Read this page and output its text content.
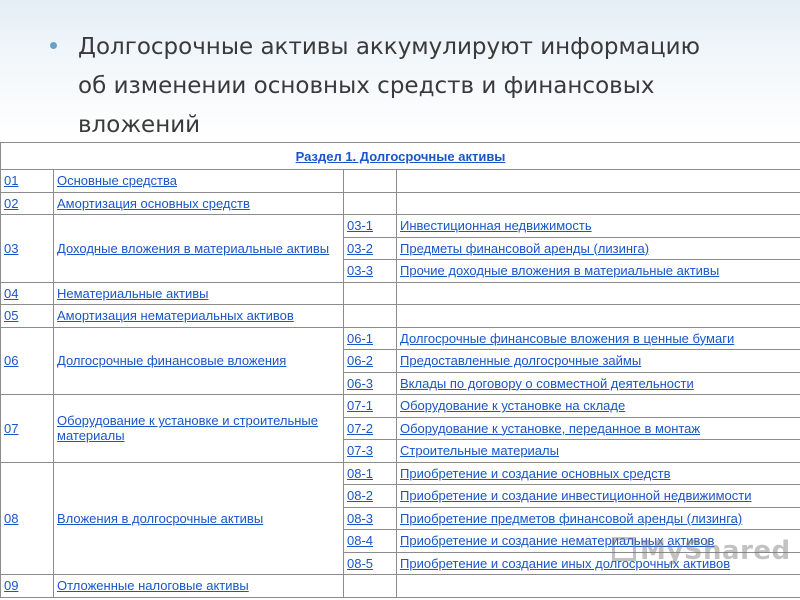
Долгосрочные активы аккумулируют информацию
об изменении основных средств и финансовых
вложений
Раздел 1. Долгосрочные активы			
01	Основные средства		
02	Амортизация основных средств		
03	Доходные вложения в материальные активы	03-1	Инвестиционная недвижимость
		03-2	Предметы финансовой аренды (лизинга)
		03-3	Прочие доходные вложения в материальные активы
04	Нематериальные активы		
05	Амортизация нематериальных активов		
06	Долгосрочные финансовые вложения	06-1	Долгосрочные финансовые вложения в ценные бумаги
		06-2	Предоставленные долгосрочные займы
		06-3	Вклады по договору о совместной деятельности
07	Оборудование к установке и строительные материалы	07-1	Оборудование к установке на складе
		07-2	Оборудование к установке, переданное в монтаж
		07-3	Строительные материалы
08	Вложения в долгосрочные активы	08-1	Приобретение и создание основных средств
		08-2	Приобретение и создание инвестиционной недвижимости
		08-3	Приобретение предметов финансовой аренды (лизинга)
		08-4	Приобретение и создание нематериальных активов
		08-5	Приобретение и создание иных долгосрочных активов
09	Отложенные налоговые активы		
MyShared
